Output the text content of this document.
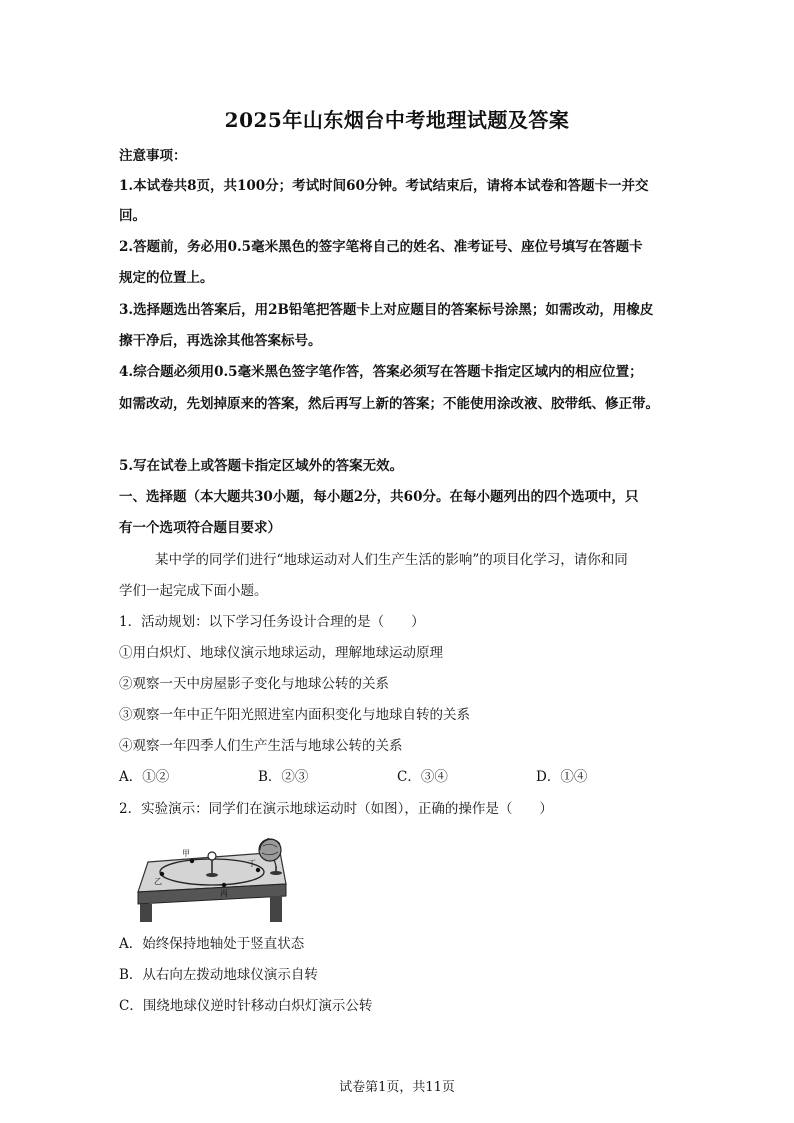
2025年山东烟台中考地理试题及答案
注意事项：
1.本试卷共8页，共100分；考试时间60分钟。考试结束后，请将本试卷和答题卡一并交
回。
2.答题前，务必用0.5毫米黑色的签字笔将自己的姓名、准考证号、座位号填写在答题卡
规定的位置上。
3.选择题选出答案后，用2B铅笔把答题卡上对应题目的答案标号涂黑；如需改动，用橡皮
擦干净后，再选涂其他答案标号。
4.综合题必须用0.5毫米黑色签字笔作答，答案必须写在答题卡指定区域内的相应位置；
如需改动，先划掉原来的答案，然后再写上新的答案；不能使用涂改液、胶带纸、修正带。
5.写在试卷上或答题卡指定区域外的答案无效。
一、选择题（本大题共30小题，每小题2分，共60分。在每小题列出的四个选项中，只
有一个选项符合题目要求）
某中学的同学们进行“地球运动对人们生产生活的影响”的项目化学习，请你和同
学们一起完成下面小题。
1．活动规划：以下学习任务设计合理的是（　　）
①用白炽灯、地球仪演示地球运动，理解地球运动原理
②观察一天中房屋影子变化与地球公转的关系
③观察一年中正午阳光照进室内面积变化与地球自转的关系
④观察一年四季人们生产生活与地球公转的关系
A．①②	B．②③	C．③④	D．①④
2．实验演示：同学们在演示地球运动时（如图），正确的操作是（　　）
甲
乙
丙
丁
A．始终保持地轴处于竖直状态
B．从右向左拨动地球仪演示自转
C．围绕地球仪逆时针移动白炽灯演示公转
试卷第1页，共11页
